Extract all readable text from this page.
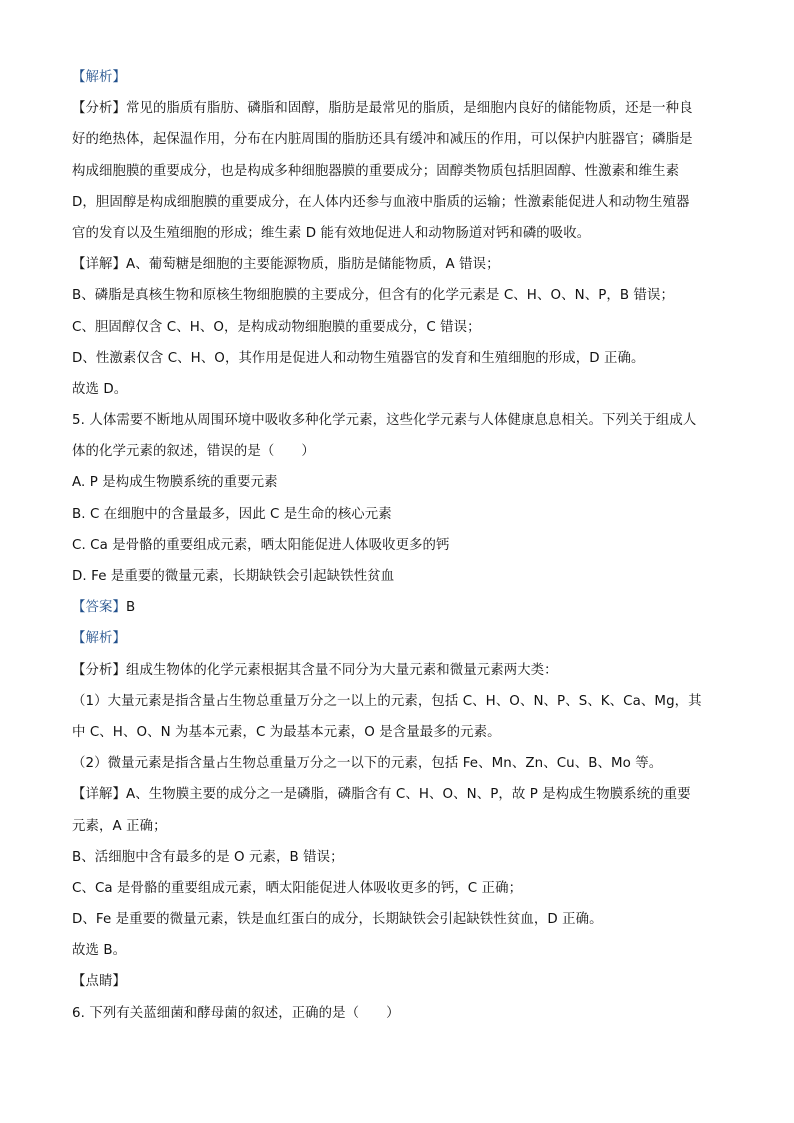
【解析】
【分析】常见的脂质有脂肪、磷脂和固醇，脂肪是最常见的脂质，是细胞内良好的储能物质，还是一种良
好的绝热体，起保温作用，分布在内脏周围的脂肪还具有缓冲和减压的作用，可以保护内脏器官；磷脂是
构成细胞膜的重要成分，也是构成多种细胞器膜的重要成分；固醇类物质包括胆固醇、性激素和维生素
D，胆固醇是构成细胞膜的重要成分，在人体内还参与血液中脂质的运输；性激素能促进人和动物生殖器
官的发育以及生殖细胞的形成；维生素 D 能有效地促进人和动物肠道对钙和磷的吸收。
【详解】A、葡萄糖是细胞的主要能源物质，脂肪是储能物质，A 错误；
B、磷脂是真核生物和原核生物细胞膜的主要成分，但含有的化学元素是 C、H、O、N、P，B 错误；
C、胆固醇仅含 C、H、O，是构成动物细胞膜的重要成分，C 错误；
D、性激素仅含 C、H、O，其作用是促进人和动物生殖器官的发育和生殖细胞的形成，D 正确。
故选 D。
5. 人体需要不断地从周围环境中吸收多种化学元素，这些化学元素与人体健康息息相关。下列关于组成人
体的化学元素的叙述，错误的是（　　）
A. P 是构成生物膜系统的重要元素
B. C 在细胞中的含量最多，因此 C 是生命的核心元素
C. Ca 是骨骼的重要组成元素，晒太阳能促进人体吸收更多的钙
D. Fe 是重要的微量元素，长期缺铁会引起缺铁性贫血
【答案】B
【解析】
【分析】组成生物体的化学元素根据其含量不同分为大量元素和微量元素两大类：
（1）大量元素是指含量占生物总重量万分之一以上的元素，包括 C、H、O、N、P、S、K、Ca、Mg，其
中 C、H、O、N 为基本元素，C 为最基本元素，O 是含量最多的元素。
（2）微量元素是指含量占生物总重量万分之一以下的元素，包括 Fe、Mn、Zn、Cu、B、Mo 等。
【详解】A、生物膜主要的成分之一是磷脂，磷脂含有 C、H、O、N、P，故 P 是构成生物膜系统的重要
元素，A 正确；
B、活细胞中含有最多的是 O 元素，B 错误；
C、Ca 是骨骼的重要组成元素，晒太阳能促进人体吸收更多的钙，C 正确；
D、Fe 是重要的微量元素，铁是血红蛋白的成分，长期缺铁会引起缺铁性贫血，D 正确。
故选 B。
【点睛】
6. 下列有关蓝细菌和酵母菌的叙述，正确的是（　　）
